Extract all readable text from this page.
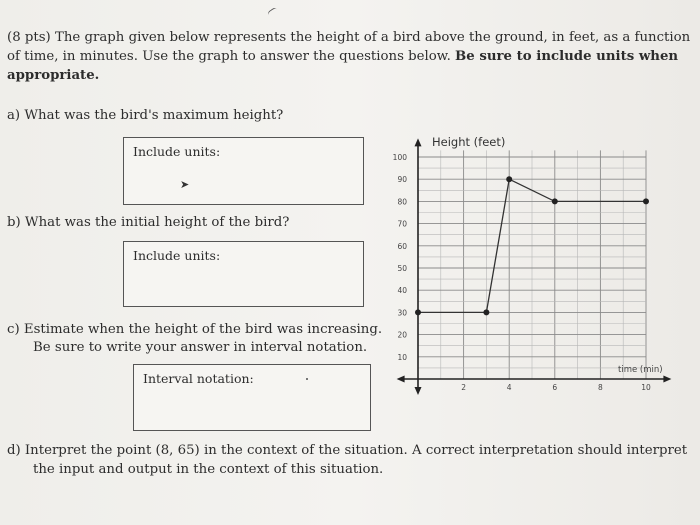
(8 pts) The graph given below represents the height of a bird above the ground, in feet, as a function of time, in minutes. Use the graph to answer the questions below. Be sure to include units when appropriate.
a) What was the bird's maximum height?
Include units:
➤
b) What was the initial height of the bird?
Include units:
c) Estimate when the height of the bird was increasing.
Be sure to write your answer in interval notation.
Interval notation:
d) Interpret the point (8, 65) in the context of the situation. A correct interpretation should interpret
the input and output in the context of this situation.
2	4	6	8	10
10
20
30
40
50
60
70
80
90
100
Height (feet)
time (min)
